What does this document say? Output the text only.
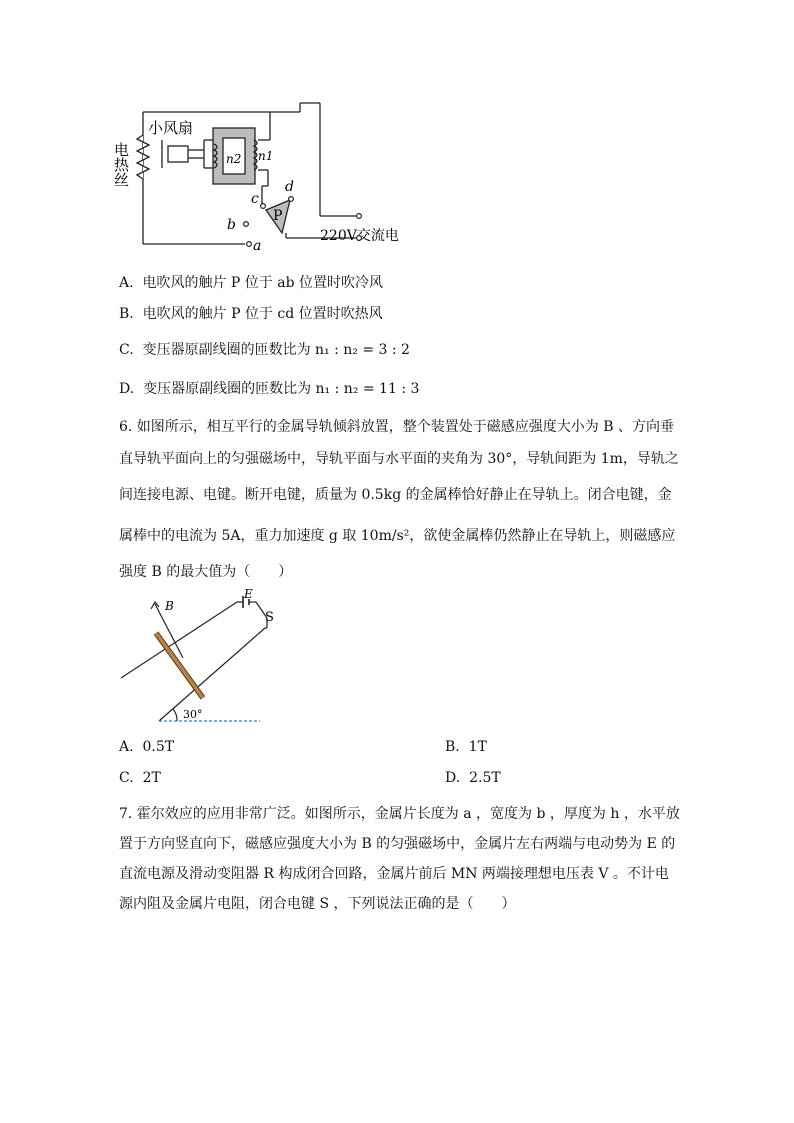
电热丝
小风扇
n2 n1
a
b
c
d
P
220V交流电
A. 电吹风的触片 P 位于 ab 位置时吹冷风
B. 电吹风的触片 P 位于 cd 位置时吹热风
C. 变压器原副线圈的匝数比为 n₁ : n₂ = 3 : 2
D. 变压器原副线圈的匝数比为 n₁ : n₂ = 11 : 3
6. 如图所示，相互平行的金属导轨倾斜放置，整个装置处于磁感应强度大小为 B 、方向垂
直导轨平面向上的匀强磁场中，导轨平面与水平面的夹角为 30°，导轨间距为 1m，导轨之
间连接电源、电键。断开电键，质量为 0.5kg 的金属棒恰好静止在导轨上。闭合电键，金
属棒中的电流为 5A，重力加速度 g 取 10m/s²，欲使金属棒仍然静止在导轨上，则磁感应
强度 B 的最大值为（　　）
B
E
S
30°
A. 0.5T	B. 1T
C. 2T	D. 2.5T
7. 霍尔效应的应用非常广泛。如图所示，金属片长度为 a ，宽度为 b ，厚度为 h ，水平放
置于方向竖直向下，磁感应强度大小为 B 的匀强磁场中，金属片左右两端与电动势为 E 的
直流电源及滑动变阻器 R 构成闭合回路，金属片前后 MN 两端接理想电压表 V 。不计电
源内阻及金属片电阻，闭合电键 S ，下列说法正确的是（　　）
